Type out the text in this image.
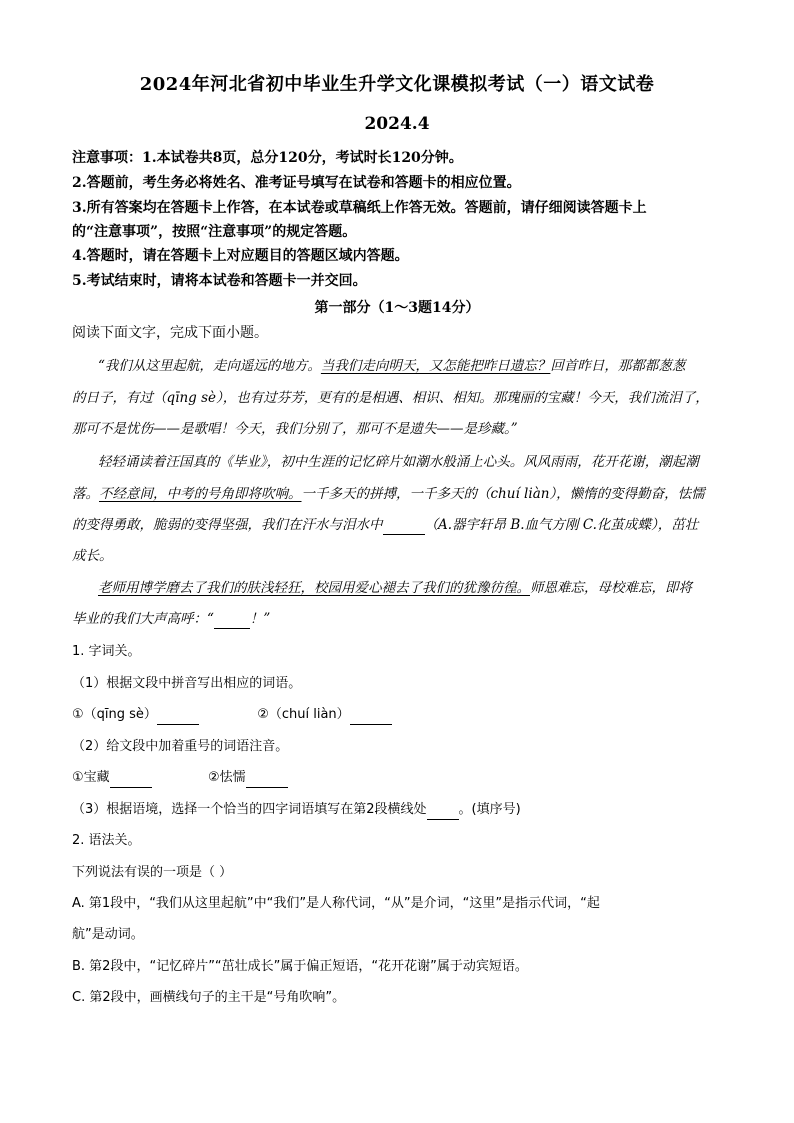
2024年河北省初中毕业生升学文化课模拟考试（一）语文试卷
2024.4
注意事项：1.本试卷共8页，总分120分，考试时长120分钟。
2.答题前，考生务必将姓名、准考证号填写在试卷和答题卡的相应位置。
3.所有答案均在答题卡上作答，在本试卷或草稿纸上作答无效。答题前，请仔细阅读答题卡上
的“注意事项”，按照“注意事项”的规定答题。
4.答题时，请在答题卡上对应题目的答题区域内答题。
5.考试结束时，请将本试卷和答题卡一并交回。
第一部分（1～3题14分）
阅读下面文字，完成下面小题。
“我们从这里起航，走向遥远的地方。当我们走向明天，又怎能把昨日遗忘？回首昨日，那都都葱葱
的日子，有过（qīng sè），也有过芬芳，更有的是相遇、相识、相知。那瑰丽的宝藏！今天，我们流泪了，
那可不是忧伤——是歌唱！今天，我们分别了，那可不是遗失——是珍藏。”
轻轻诵读着汪国真的《毕业》，初中生涯的记忆碎片如潮水般涌上心头。风风雨雨，花开花谢，潮起潮
落。不经意间，中考的号角即将吹响。一千多天的拼搏，一千多天的（chuí liàn），懒惰的变得勤奋，怯懦
的变得勇敢，脆弱的变得坚强，我们在汗水与泪水中	（A.器宇轩昂 B.血气方刚 C.化茧成蝶），茁壮
成长。
老师用博学磨去了我们的肤浅轻狂，校园用爱心褪去了我们的犹豫彷徨。师恩难忘，母校难忘，即将
毕业的我们大声高呼：“	！”
1. 字词关。
（1）根据文段中拼音写出相应的词语。
①（qīng sè）	②（chuí liàn）
（2）给文段中加着重号的词语注音。
①宝藏	②怯懦
（3）根据语境，选择一个恰当的四字词语填写在第2段横线处 。(填序号)
2. 语法关。
下列说法有误的一项是（ ）
A. 第1段中，“我们从这里起航”中“我们”是人称代词，“从”是介词，“这里”是指示代词，“起
航”是动词。
B. 第2段中，“记忆碎片”“茁壮成长”属于偏正短语，“花开花谢”属于动宾短语。
C. 第2段中，画横线句子的主干是“号角吹响”。
